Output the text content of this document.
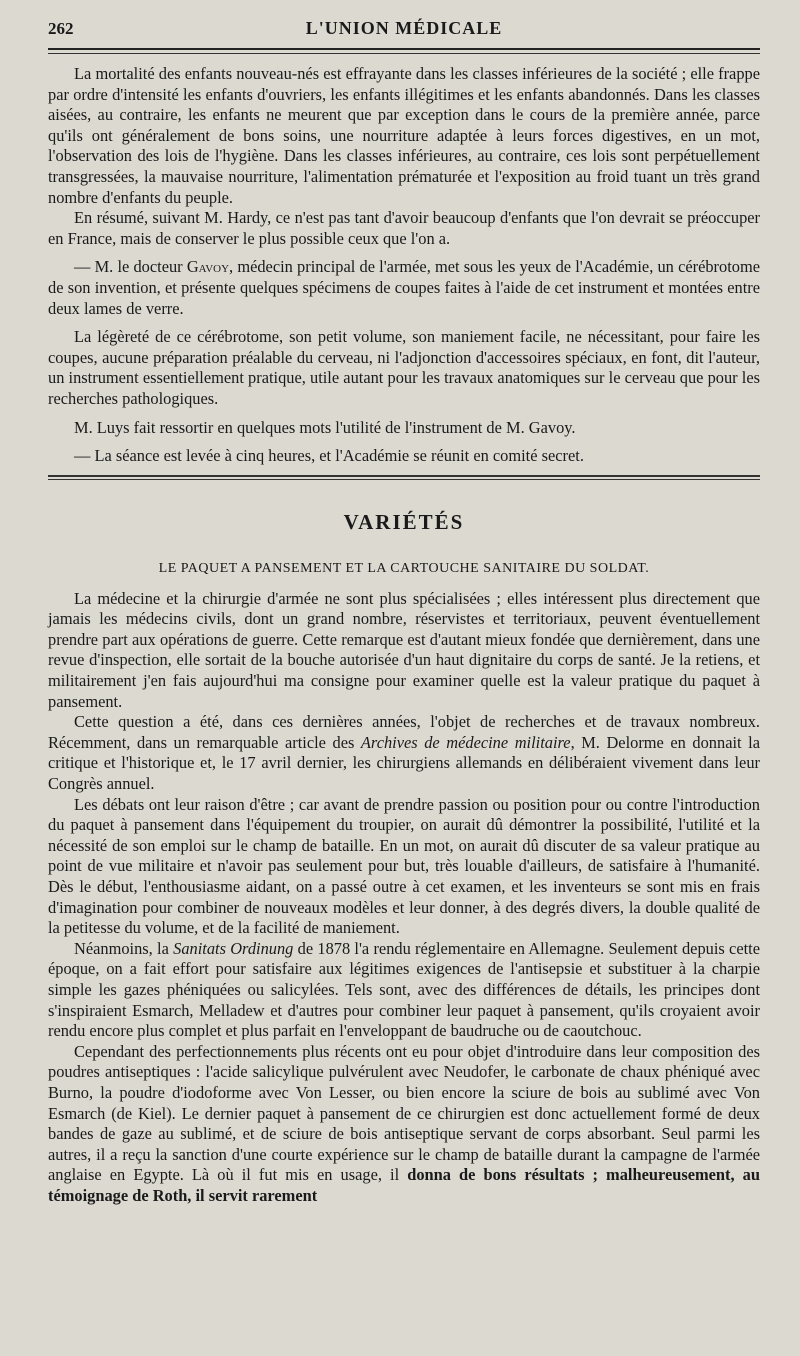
262	L'UNION MÉDICALE

La mortalité des enfants nouveau-nés est effrayante dans les classes inférieures de la société ; elle frappe par ordre d'intensité les enfants d'ouvriers, les enfants illégitimes et les enfants abandonnés. Dans les classes aisées, au contraire, les enfants ne meurent que par exception dans le cours de la première année, parce qu'ils ont généralement de bons soins, une nourriture adaptée à leurs forces digestives, en un mot, l'observation des lois de l'hygiène. Dans les classes inférieures, au contraire, ces lois sont perpétuellement transgressées, la mauvaise nourriture, l'alimentation prématurée et l'exposition au froid tuant un très grand nombre d'enfants du peuple.

En résumé, suivant M. Hardy, ce n'est pas tant d'avoir beaucoup d'enfants que l'on devrait se préoccuper en France, mais de conserver le plus possible ceux que l'on a.

— M. le docteur Gavoy, médecin principal de l'armée, met sous les yeux de l'Académie, un cérébrotome de son invention, et présente quelques spécimens de coupes faites à l'aide de cet instrument et montées entre deux lames de verre.

La légèreté de ce cérébrotome, son petit volume, son maniement facile, ne nécessitant, pour faire les coupes, aucune préparation préalable du cerveau, ni l'adjonction d'accessoires spéciaux, en font, dit l'auteur, un instrument essentiellement pratique, utile autant pour les travaux anatomiques sur le cerveau que pour les recherches pathologiques.

M. Luys fait ressortir en quelques mots l'utilité de l'instrument de M. Gavoy.

— La séance est levée à cinq heures, et l'Académie se réunit en comité secret.

VARIÉTÉS
LE PAQUET A PANSEMENT ET LA CARTOUCHE SANITAIRE DU SOLDAT.

La médecine et la chirurgie d'armée ne sont plus spécialisées ; elles intéressent plus directement que jamais les médecins civils, dont un grand nombre, réservistes et territoriaux, peuvent éventuellement prendre part aux opérations de guerre. Cette remarque est d'autant mieux fondée que dernièrement, dans une revue d'inspection, elle sortait de la bouche autorisée d'un haut dignitaire du corps de santé. Je la retiens, et militairement j'en fais aujourd'hui ma consigne pour examiner quelle est la valeur pratique du paquet à pansement.

Cette question a été, dans ces dernières années, l'objet de recherches et de travaux nombreux. Récemment, dans un remarquable article des Archives de médecine militaire, M. Delorme en donnait la critique et l'historique et, le 17 avril dernier, les chirurgiens allemands en délibéraient vivement dans leur Congrès annuel.

Les débats ont leur raison d'être ; car avant de prendre passion ou position pour ou contre l'introduction du paquet à pansement dans l'équipement du troupier, on aurait dû démontrer la possibilité, l'utilité et la nécessité de son emploi sur le champ de bataille. En un mot, on aurait dû discuter de sa valeur pratique au point de vue militaire et n'avoir pas seulement pour but, très louable d'ailleurs, de satisfaire à l'humanité. Dès le début, l'enthousiasme aidant, on a passé outre à cet examen, et les inventeurs se sont mis en frais d'imagination pour combiner de nouveaux modèles et leur donner, à des degrés divers, la double qualité de la petitesse du volume, et de la facilité de maniement.

Néanmoins, la Sanitats Ordinung de 1878 l'a rendu réglementaire en Allemagne. Seulement depuis cette époque, on a fait effort pour satisfaire aux légitimes exigences de l'antisepsie et substituer à la charpie simple les gazes phéniquées ou salicylées. Tels sont, avec des différences de détails, les principes dont s'inspiraient Esmarch, Melladew et d'autres pour combiner leur paquet à pansement, qu'ils croyaient avoir rendu encore plus complet et plus parfait en l'enveloppant de baudruche ou de caoutchouc.

Cependant des perfectionnements plus récents ont eu pour objet d'introduire dans leur composition des poudres antiseptiques : l'acide salicylique pulvérulent avec Neudofer, le carbonate de chaux phéniqué avec Burno, la poudre d'iodoforme avec Von Lesser, ou bien encore la sciure de bois au sublimé avec Von Esmarch (de Kiel). Le dernier paquet à pansement de ce chirurgien est donc actuellement formé de deux bandes de gaze au sublimé, et de sciure de bois antiseptique servant de corps absorbant. Seul parmi les autres, il a reçu la sanction d'une courte expérience sur le champ de bataille durant la campagne de l'armée anglaise en Egypte. Là où il fut mis en usage, il donna de bons résultats ; malheureusement, au témoignage de Roth, il servit rarement
